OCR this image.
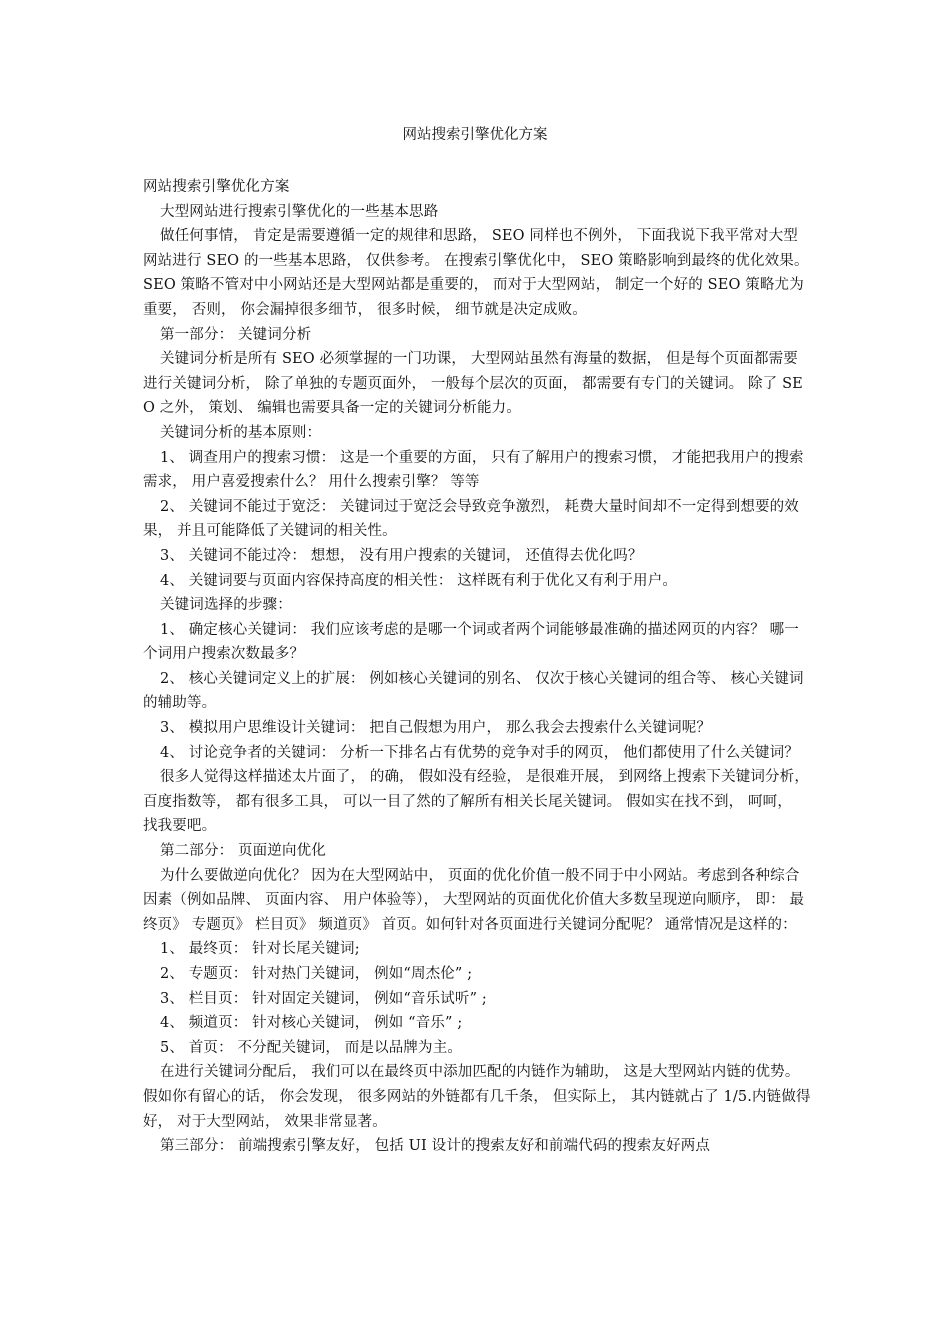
网站搜索引擎优化方案

网站搜索引擎优化方案

大型网站进行搜索引擎优化的一些基本思路

做任何事情， 肯定是需要遵循一定的规律和思路， SEO 同样也不例外， 下面我说下我平常对大型网站进行 SEO 的一些基本思路， 仅供参考。 在搜索引擎优化中， SEO 策略影响到最终的优化效果。 SEO 策略不管对中小网站还是大型网站都是重要的， 而对于大型网站， 制定一个好的 SEO 策略尤为重要， 否则， 你会漏掉很多细节， 很多时候， 细节就是决定成败。

第一部分： 关键词分析

关键词分析是所有 SEO 必须掌握的一门功课， 大型网站虽然有海量的数据， 但是每个页面都需要进行关键词分析， 除了单独的专题页面外， 一般每个层次的页面， 都需要有专门的关键词。 除了 SEO 之外， 策划、 编辑也需要具备一定的关键词分析能力。

关键词分析的基本原则：

1、 调查用户的搜索习惯： 这是一个重要的方面， 只有了解用户的搜索习惯， 才能把我用户的搜索需求， 用户喜爱搜索什么？ 用什么搜索引擎？ 等等

2、 关键词不能过于宽泛： 关键词过于宽泛会导致竞争激烈， 耗费大量时间却不一定得到想要的效果， 并且可能降低了关键词的相关性。

3、 关键词不能过冷： 想想， 没有用户搜索的关键词， 还值得去优化吗？

4、 关键词要与页面内容保持高度的相关性： 这样既有利于优化又有利于用户。

关键词选择的步骤：

1、 确定核心关键词： 我们应该考虑的是哪一个词或者两个词能够最准确的描述网页的内容？ 哪一个词用户搜索次数最多？

2、 核心关键词定义上的扩展： 例如核心关键词的别名、 仅次于核心关键词的组合等、 核心关键词的辅助等。

3、 模拟用户思维设计关键词： 把自己假想为用户， 那么我会去搜索什么关键词呢？

4、 讨论竞争者的关键词： 分析一下排名占有优势的竞争对手的网页， 他们都使用了什么关键词？

很多人觉得这样描述太片面了， 的确， 假如没有经验， 是很难开展， 到网络上搜索下关键词分析， 百度指数等， 都有很多工具， 可以一目了然的了解所有相关长尾关键词。 假如实在找不到， 呵呵， 找我要吧。

第二部分： 页面逆向优化

为什么要做逆向优化？ 因为在大型网站中， 页面的优化价值一般不同于中小网站。考虑到各种综合因素（例如品牌、 页面内容、 用户体验等）， 大型网站的页面优化价值大多数呈现逆向顺序， 即： 最终页》 专题页》 栏目页》 频道页》 首页。如何针对各页面进行关键词分配呢？ 通常情况是这样的：

1、 最终页： 针对长尾关键词;

2、 专题页： 针对热门关键词， 例如“周杰伦” ;

3、 栏目页： 针对固定关键词， 例如“音乐试听” ;

4、 频道页： 针对核心关键词， 例如 “音乐” ;

5、 首页： 不分配关键词， 而是以品牌为主。

在进行关键词分配后， 我们可以在最终页中添加匹配的内链作为辅助， 这是大型网站内链的优势。 假如你有留心的话， 你会发现， 很多网站的外链都有几千条， 但实际上， 其内链就占了 1/5.内链做得好， 对于大型网站， 效果非常显著。

第三部分： 前端搜索引擎友好， 包括 UI 设计的搜索友好和前端代码的搜索友好两点
